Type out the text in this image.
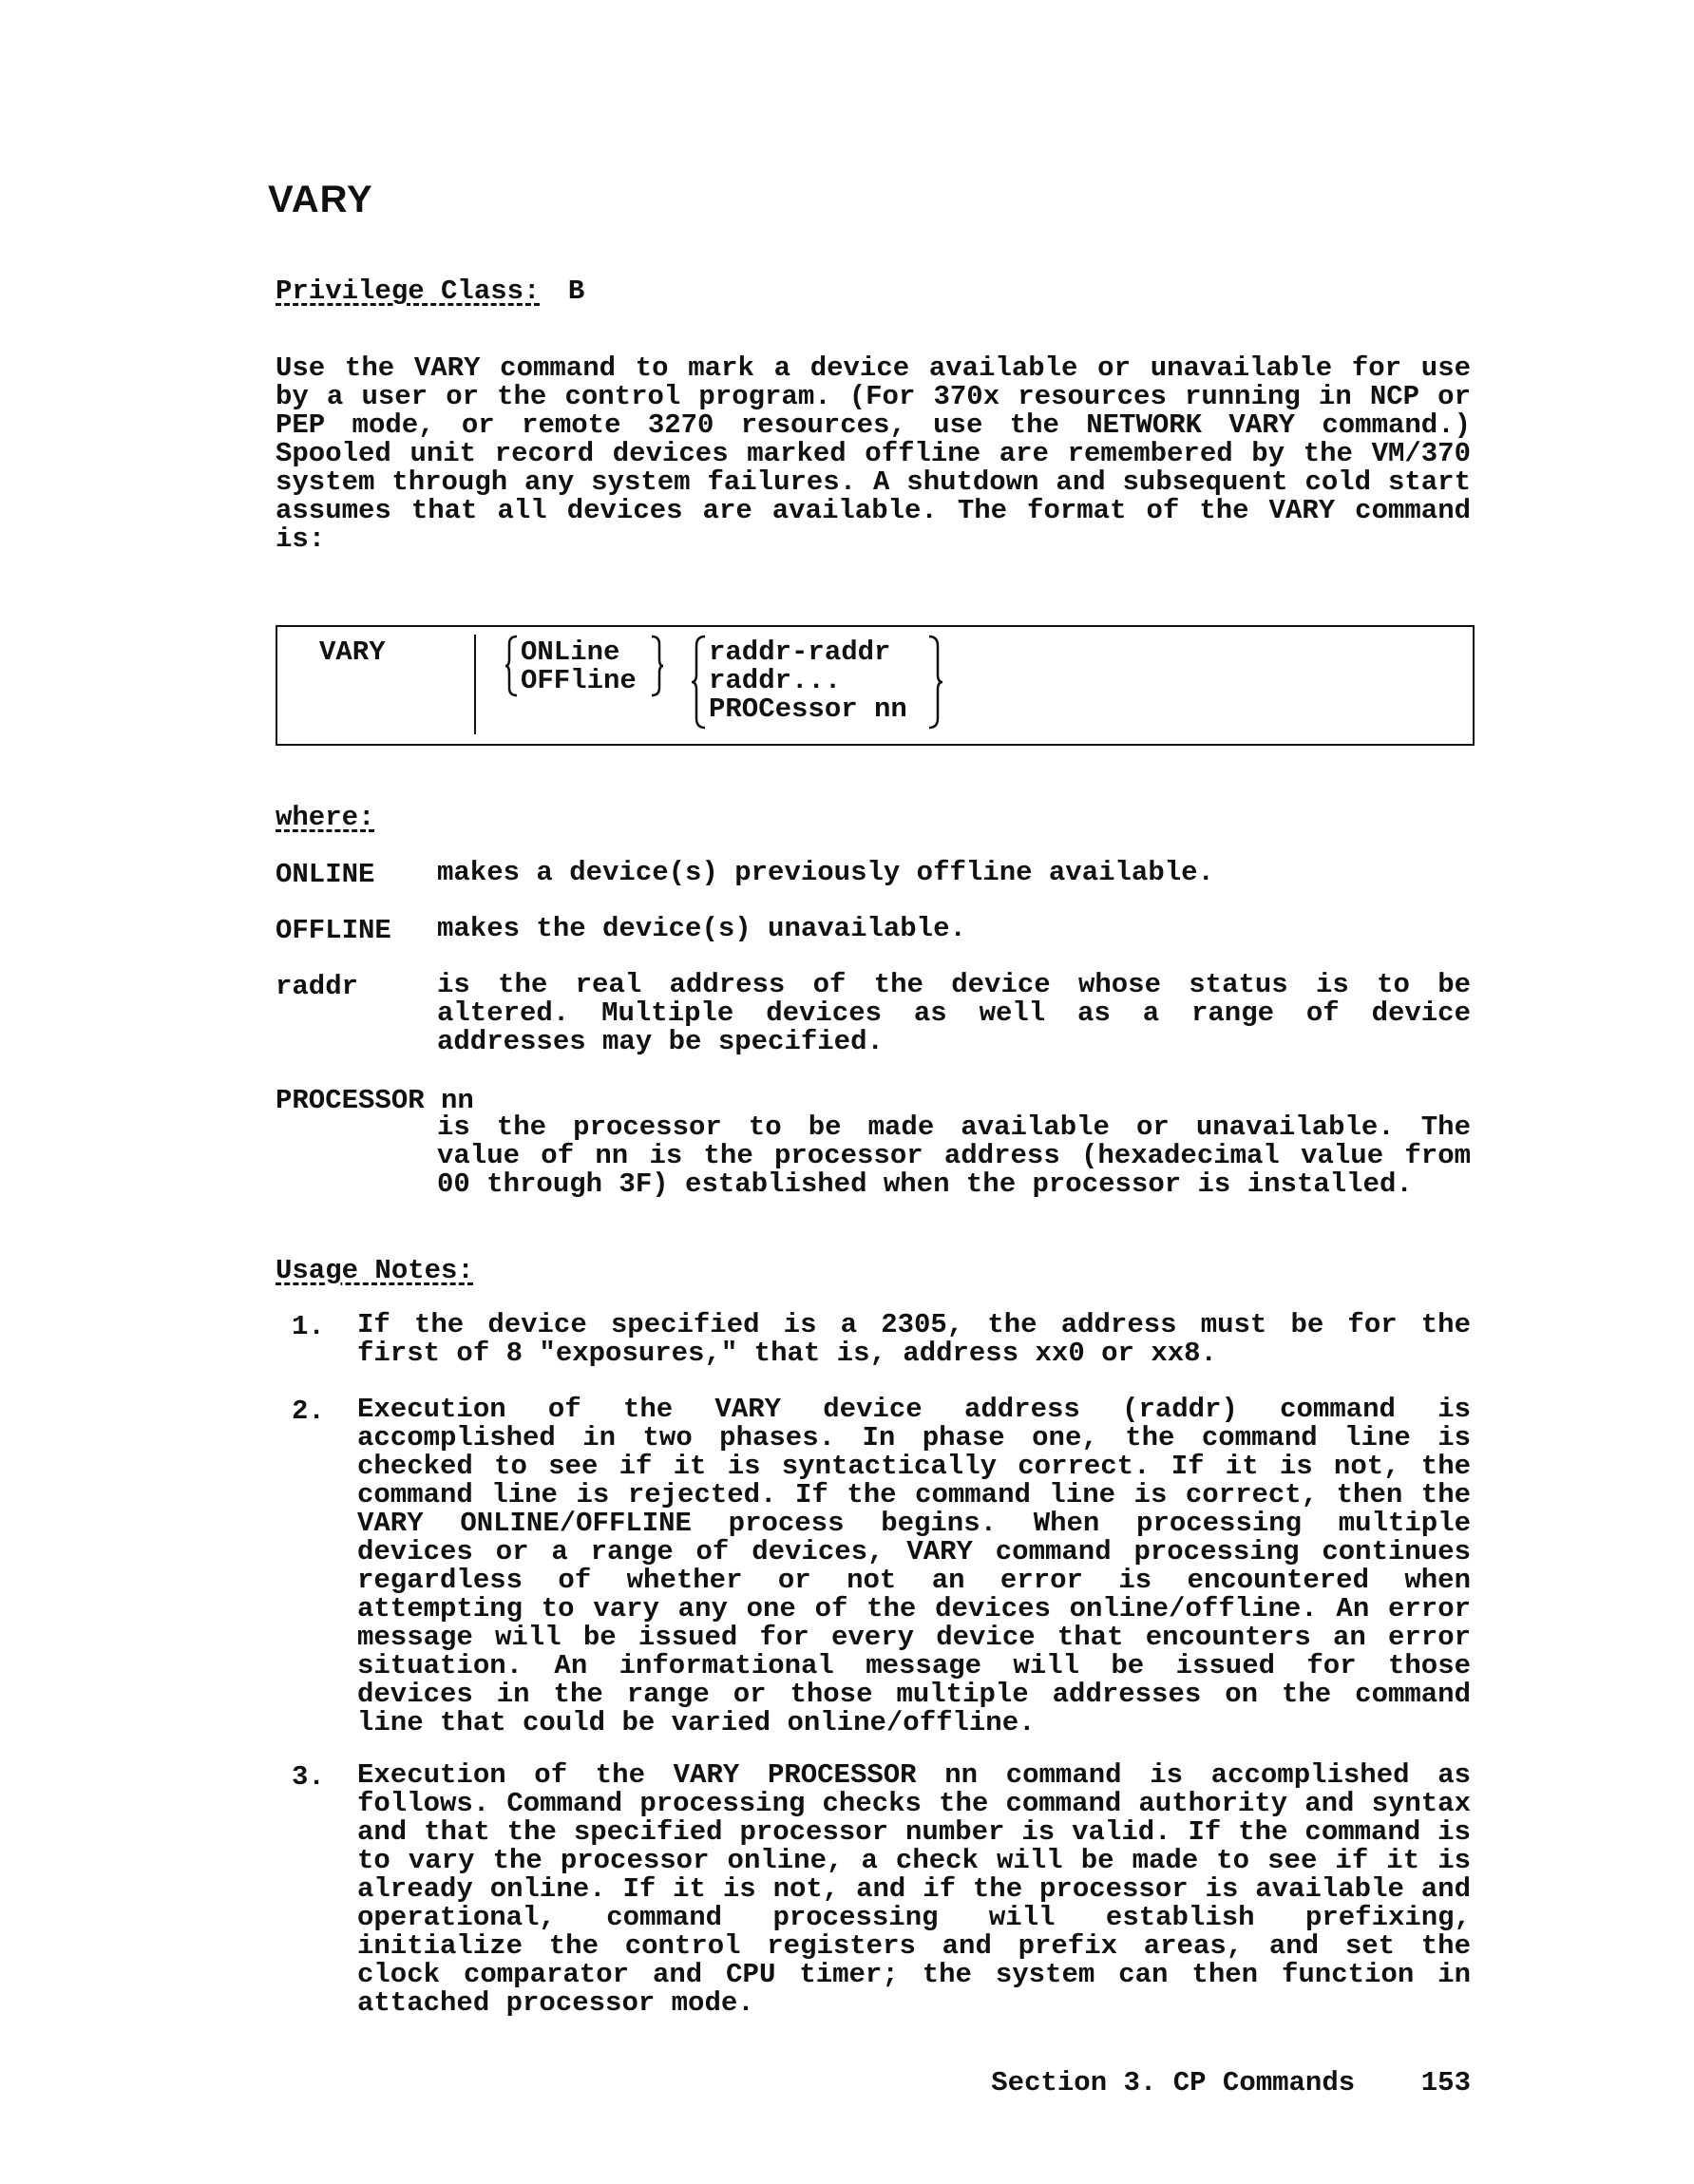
VARY
Privilege Class: B

Use the VARY command to mark a device available or unavailable for use by a user or the control program. (For 370x resources running in NCP or PEP mode, or remote 3270 resources, use the NETWORK VARY command.) Spooled unit record devices marked offline are remembered by the VM/370 system through any system failures. A shutdown and subsequent cold start assumes that all devices are available. The format of the VARY command is:

VARY	ONLine
OFFline
raddr-raddr
raddr...
PROCessor nn
where:
ONLINE makes a device(s) previously offline available.
OFFLINE makes the device(s) unavailable.
raddr	is the real address of the device whose status is to be altered. Multiple devices as well as a range of device addresses may be specified.
PROCESSOR nn
is the processor to be made available or unavailable. The value of nn is the processor address (hexadecimal value from 00 through 3F) established when the processor is installed.
Usage Notes:
1. If the device specified is a 2305, the address must be for the first of 8 "exposures," that is, address xx0 or xx8.
2. Execution of the VARY device address (raddr) command is accomplished in two phases. In phase one, the command line is checked to see if it is syntactically correct. If it is not, the command line is rejected. If the command line is correct, then the VARY ONLINE/OFFLINE process begins. When processing multiple devices or a range of devices, VARY command processing continues regardless of whether or not an error is encountered when attempting to vary any one of the devices online/offline. An error message will be issued for every device that encounters an error situation. An informational message will be issued for those devices in the range or those multiple addresses on the command line that could be varied online/offline.
3. Execution of the VARY PROCESSOR nn command is accomplished as follows. Command processing checks the command authority and syntax and that the specified processor number is valid. If the command is to vary the processor online, a check will be made to see if it is already online. If it is not, and if the processor is available and operational, command processing will establish prefixing, initialize the control registers and prefix areas, and set the clock comparator and CPU timer; the system can then function in attached processor mode.
Section 3. CP Commands 153
